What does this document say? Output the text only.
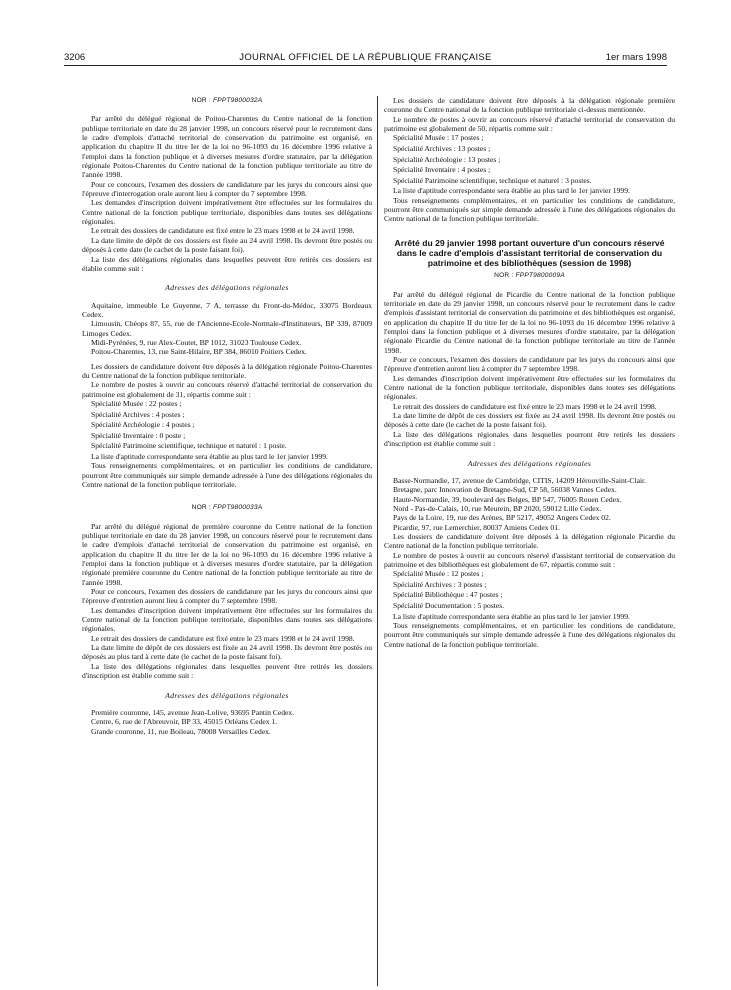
3206	JOURNAL OFFICIEL DE LA RÉPUBLIQUE FRANÇAISE	1er mars 1998
NOR : FPPT9800032A

Par arrêté du délégué régional de Poitou-Charentes du Centre national de la fonction publique territoriale en date du 28 janvier 1998, un concours réservé pour le recrutement dans le cadre d'emplois d'attaché territorial de conservation du patrimoine est organisé, en application du chapitre II du titre Ier de la loi no 96-1093 du 16 décembre 1996 relative à l'emploi dans la fonction publique et à diverses mesures d'ordre statutaire, par la délégation régionale Poitou-Charentes du Centre national de la fonction publique territoriale au titre de l'année 1998.

Pour ce concours, l'examen des dossiers de candidature par les jurys du concours ainsi que l'épreuve d'interrogation orale auront lieu à compter du 7 septembre 1998.

Les demandes d'inscription doivent impérativement être effectuées sur les formulaires du Centre national de la fonction publique territoriale, disponibles dans toutes ses délégations régionales.

Le retrait des dossiers de candidature est fixé entre le 23 mars 1998 et le 24 avril 1998.

La date limite de dépôt de ces dossiers est fixée au 24 avril 1998. Ils devront être postés ou déposés à cette date (le cachet de la poste faisant foi).

La liste des délégations régionales dans lesquelles peuvent être retirés ces dossiers est établie comme suit :

Adresses des délégations régionales

Aquitaine, immeuble Le Guyenne, 7 A, terrasse du Front-du-Médoc, 33075 Bordeaux Cedex.

Limousin, Chéops 87, 55, rue de l'Ancienne-Ecole-Normale-d'Instituteurs, BP 339, 87009 Limoges Cedex.

Midi-Pyrénées, 9, rue Alex-Coutet, BP 1012, 31023 Toulouse Cedex.

Poitou-Charentes, 13, rue Saint-Hilaire, BP 384, 86010 Poitiers Cedex.

Les dossiers de candidature doivent être déposés à la délégation régionale Poitou-Charentes du Centre national de la fonction publique territoriale.

Le nombre de postes à ouvrir au concours réservé d'attaché territorial de conservation du patrimoine est globalement de 31, répartis comme suit :

Spécialité Musée : 22 postes ;

Spécialité Archives : 4 postes ;

Spécialité Archéologie : 4 postes ;

Spécialité Inventaire : 0 poste ;

Spécialité Patrimoine scientifique, technique et naturel : 1 poste.

La liste d'aptitude correspondante sera établie au plus tard le 1er janvier 1999.

Tous renseignements complémentaires, et en particulier les conditions de candidature, pourront être communiqués sur simple demande adressée à l'une des délégations régionales du Centre national de la fonction publique territoriale.

NOR : FPPT9800033A

Par arrêté du délégué régional de première couronne du Centre national de la fonction publique territoriale en date du 28 janvier 1998, un concours réservé pour le recrutement dans le cadre d'emplois d'attaché territorial de conservation du patrimoine est organisé, en application du chapitre II du titre Ier de la loi no 96-1093 du 16 décembre 1996 relative à l'emploi dans la fonction publique et à diverses mesures d'ordre statutaire, par la délégation régionale première couronne du Centre national de la fonction publique territoriale au titre de l'année 1998.

Pour ce concours, l'examen des dossiers de candidature par les jurys du concours ainsi que l'épreuve d'entretien auront lieu à compter du 7 septembre 1998.

Les demandes d'inscription doivent impérativement être effectuées sur les formulaires du Centre national de la fonction publique territoriale, disponibles dans toutes ses délégations régionales.

Le retrait des dossiers de candidature est fixé entre le 23 mars 1998 et le 24 avril 1998.

La date limite de dépôt de ces dossiers est fixée au 24 avril 1998. Ils devront être postés ou déposés au plus tard à cette date (le cachet de la poste faisant foi).

La liste des délégations régionales dans lesquelles peuvent être retirés les dossiers d'inscription est établie comme suit :

Adresses des délégations régionales

Première couronne, 145, avenue Jean-Lolive, 93695 Pantin Cedex.

Centre, 6, rue de l'Abreuvoir, BP 33, 45015 Orléans Cedex 1.

Grande couronne, 11, rue Boileau, 78008 Versailles Cedex.

Les dossiers de candidature doivent être déposés à la délégation régionale première couronne du Centre national de la fonction publique territoriale ci-dessus mentionnée.

Le nombre de postes à ouvrir au concours réservé d'attaché territorial de conservation du patrimoine est globalement de 50, répartis comme suit :

Spécialité Musée : 17 postes ;

Spécialité Archives : 13 postes ;

Spécialité Archéologie : 13 postes ;

Spécialité Inventaire : 4 postes ;

Spécialité Patrimoine scientifique, technique et naturel : 3 postes.

La liste d'aptitude correspondante sera établie au plus tard le 1er janvier 1999.

Tous renseignements complémentaires, et en particulier les conditions de candidature, pourront être communiqués sur simple demande adressée à l'une des délégations régionales du Centre national de la fonction publique territoriale.

Arrêté du 29 janvier 1998 portant ouverture d'un concours réservé dans le cadre d'emplois d'assistant territorial de conservation du patrimoine et des bibliothèques (session de 1998)
NOR : FPPT9800009A

Par arrêté du délégué régional de Picardie du Centre national de la fonction publique territoriale en date du 29 janvier 1998, un concours réservé pour le recrutement dans le cadre d'emplois d'assistant territorial de conservation du patrimoine et des bibliothèques est organisé, en application du chapitre II du titre Ier de la loi no 96-1093 du 16 décembre 1996 relative à l'emploi dans la fonction publique et à diverses mesures d'ordre statutaire, par la délégation régionale Picardie du Centre national de la fonction publique territoriale au titre de l'année 1998.

Pour ce concours, l'examen des dossiers de candidature par les jurys du concours ainsi que l'épreuve d'entretien auront lieu à compter du 7 septembre 1998.

Les demandes d'inscription doivent impérativement être effectuées sur les formulaires du Centre national de la fonction publique territoriale, disponibles dans toutes ses délégations régionales.

Le retrait des dossiers de candidature est fixé entre le 23 mars 1998 et le 24 avril 1998.

La date limite de dépôt de ces dossiers est fixée au 24 avril 1998. Ils devront être postés ou déposés à cette date (le cachet de la poste faisant foi).

La liste des délégations régionales dans lesquelles pourront être retirés les dossiers d'inscription est établie comme suit :

Adresses des délégations régionales

Basse-Normandie, 17, avenue de Cambridge, CITIS, 14209 Hérouville-Saint-Clair.

Bretagne, parc Innovation de Bretagne-Sud, CP 58, 56038 Vannes Cedex.

Haute-Normandie, 39, boulevard des Belges, BP 547, 76005 Rouen Cedex.

Nord - Pas-de-Calais, 10, rue Meurein, BP 2020, 59012 Lille Cedex.

Pays de la Loire, 19, rue des Arènes, BP 5217, 49052 Angers Cedex 02.

Picardie, 97, rue Lemerchier, 80037 Amiens Cedex 01.

Les dossiers de candidature doivent être déposés à la délégation régionale Picardie du Centre national de la fonction publique territoriale.

Le nombre de postes à ouvrir au concours réservé d'assistant territorial de conservation du patrimoine et des bibliothèques est globalement de 67, répartis comme suit :

Spécialité Musée : 12 postes ;

Spécialité Archives : 3 postes ;

Spécialité Bibliothèque : 47 postes ;

Spécialité Documentation : 5 postes.

La liste d'aptitude correspondante sera établie au plus tard le 1er janvier 1999.

Tous renseignements complémentaires, et en particulier les conditions de candidature, pourront être communiqués sur simple demande adressée à l'une des délégations régionales du Centre national de la fonction publique territoriale.
